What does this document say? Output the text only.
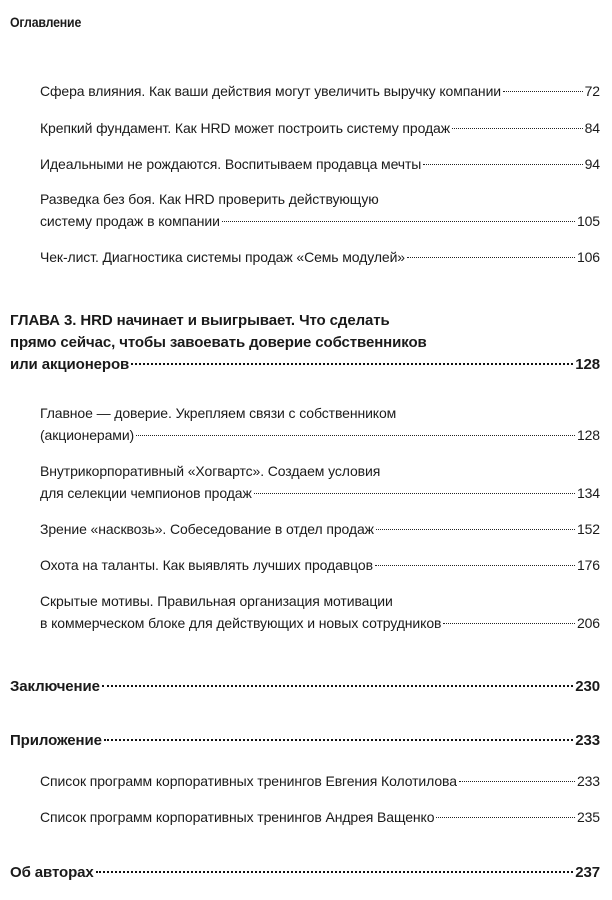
Оглавление
Сфера влияния. Как ваши действия могут увеличить выручку компании	72
Крепкий фундамент. Как HRD может построить систему продаж	84
Идеальными не рождаются. Воспитываем продавца мечты	94
Разведка без боя. Как HRD проверить действующую
систему продаж в компании	105
Чек-лист. Диагностика системы продаж «Семь модулей»	106
ГЛАВА 3. HRD начинает и выигрывает. Что сделать
прямо сейчас, чтобы завоевать доверие собственников
или акционеров	128
Главное — доверие. Укрепляем связи с собственником
(акционерами)	128
Внутрикорпоративный «Хогвартс». Создаем условия
для селекции чемпионов продаж	134
Зрение «насквозь». Собеседование в отдел продаж	152
Охота на таланты. Как выявлять лучших продавцов	176
Скрытые мотивы. Правильная организация мотивации
в коммерческом блоке для действующих и новых сотрудников	206
Заключение	230
Приложение	233
Список программ корпоративных тренингов Евгения Колотилова	233
Список программ корпоративных тренингов Андрея Ващенко	235
Об авторах	237
